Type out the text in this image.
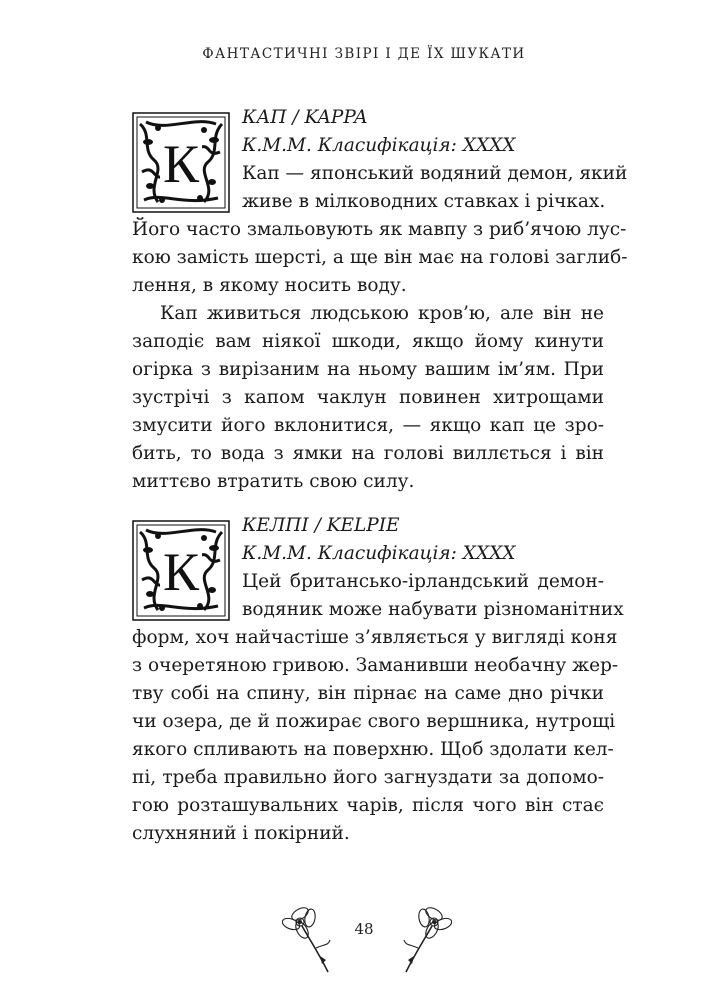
ФАНТАСТИЧНІ ЗВІРІ І ДЕ ЇХ ШУКАТИ
К
КАП / KAPPA
К.М.М. Класифікація: ХХХХ
Кап — японський водяний демон, який
живе в мілководних ставках і річках.
Його часто змальовують як мавпу з риб’ячою лус-
кою замість шерсті, а ще він має на голові заглиб-
лення, в якому носить воду.
Кап живиться людською кров’ю, але він не
заподіє вам ніякої шкоди, якщо йому кинути
огірка з вирізаним на ньому вашим ім’ям. При
зустрічі з капом чаклун повинен хитрощами
змусити його вклонитися, — якщо кап це зро-
бить, то вода з ямки на голові виллється і він
миттєво втратить свою силу.
К
КЕЛПІ / KELPIE
К.М.М. Класифікація: ХХХХ
Цей британсько-ірландський демон-
водяник може набувати різноманітних
форм, хоч найчастіше з’являється у вигляді коня
з очеретяною гривою. Заманивши необачну жер-
тву собі на спину, він пірнає на саме дно річки
чи озера, де й пожирає свого вершника, нутрощі
якого спливають на поверхню. Щоб здолати кел-
пі, треба правильно його загнуздати за допомо-
гою розташувальних чарів, після чого він стає
слухняний і покірний.
48
